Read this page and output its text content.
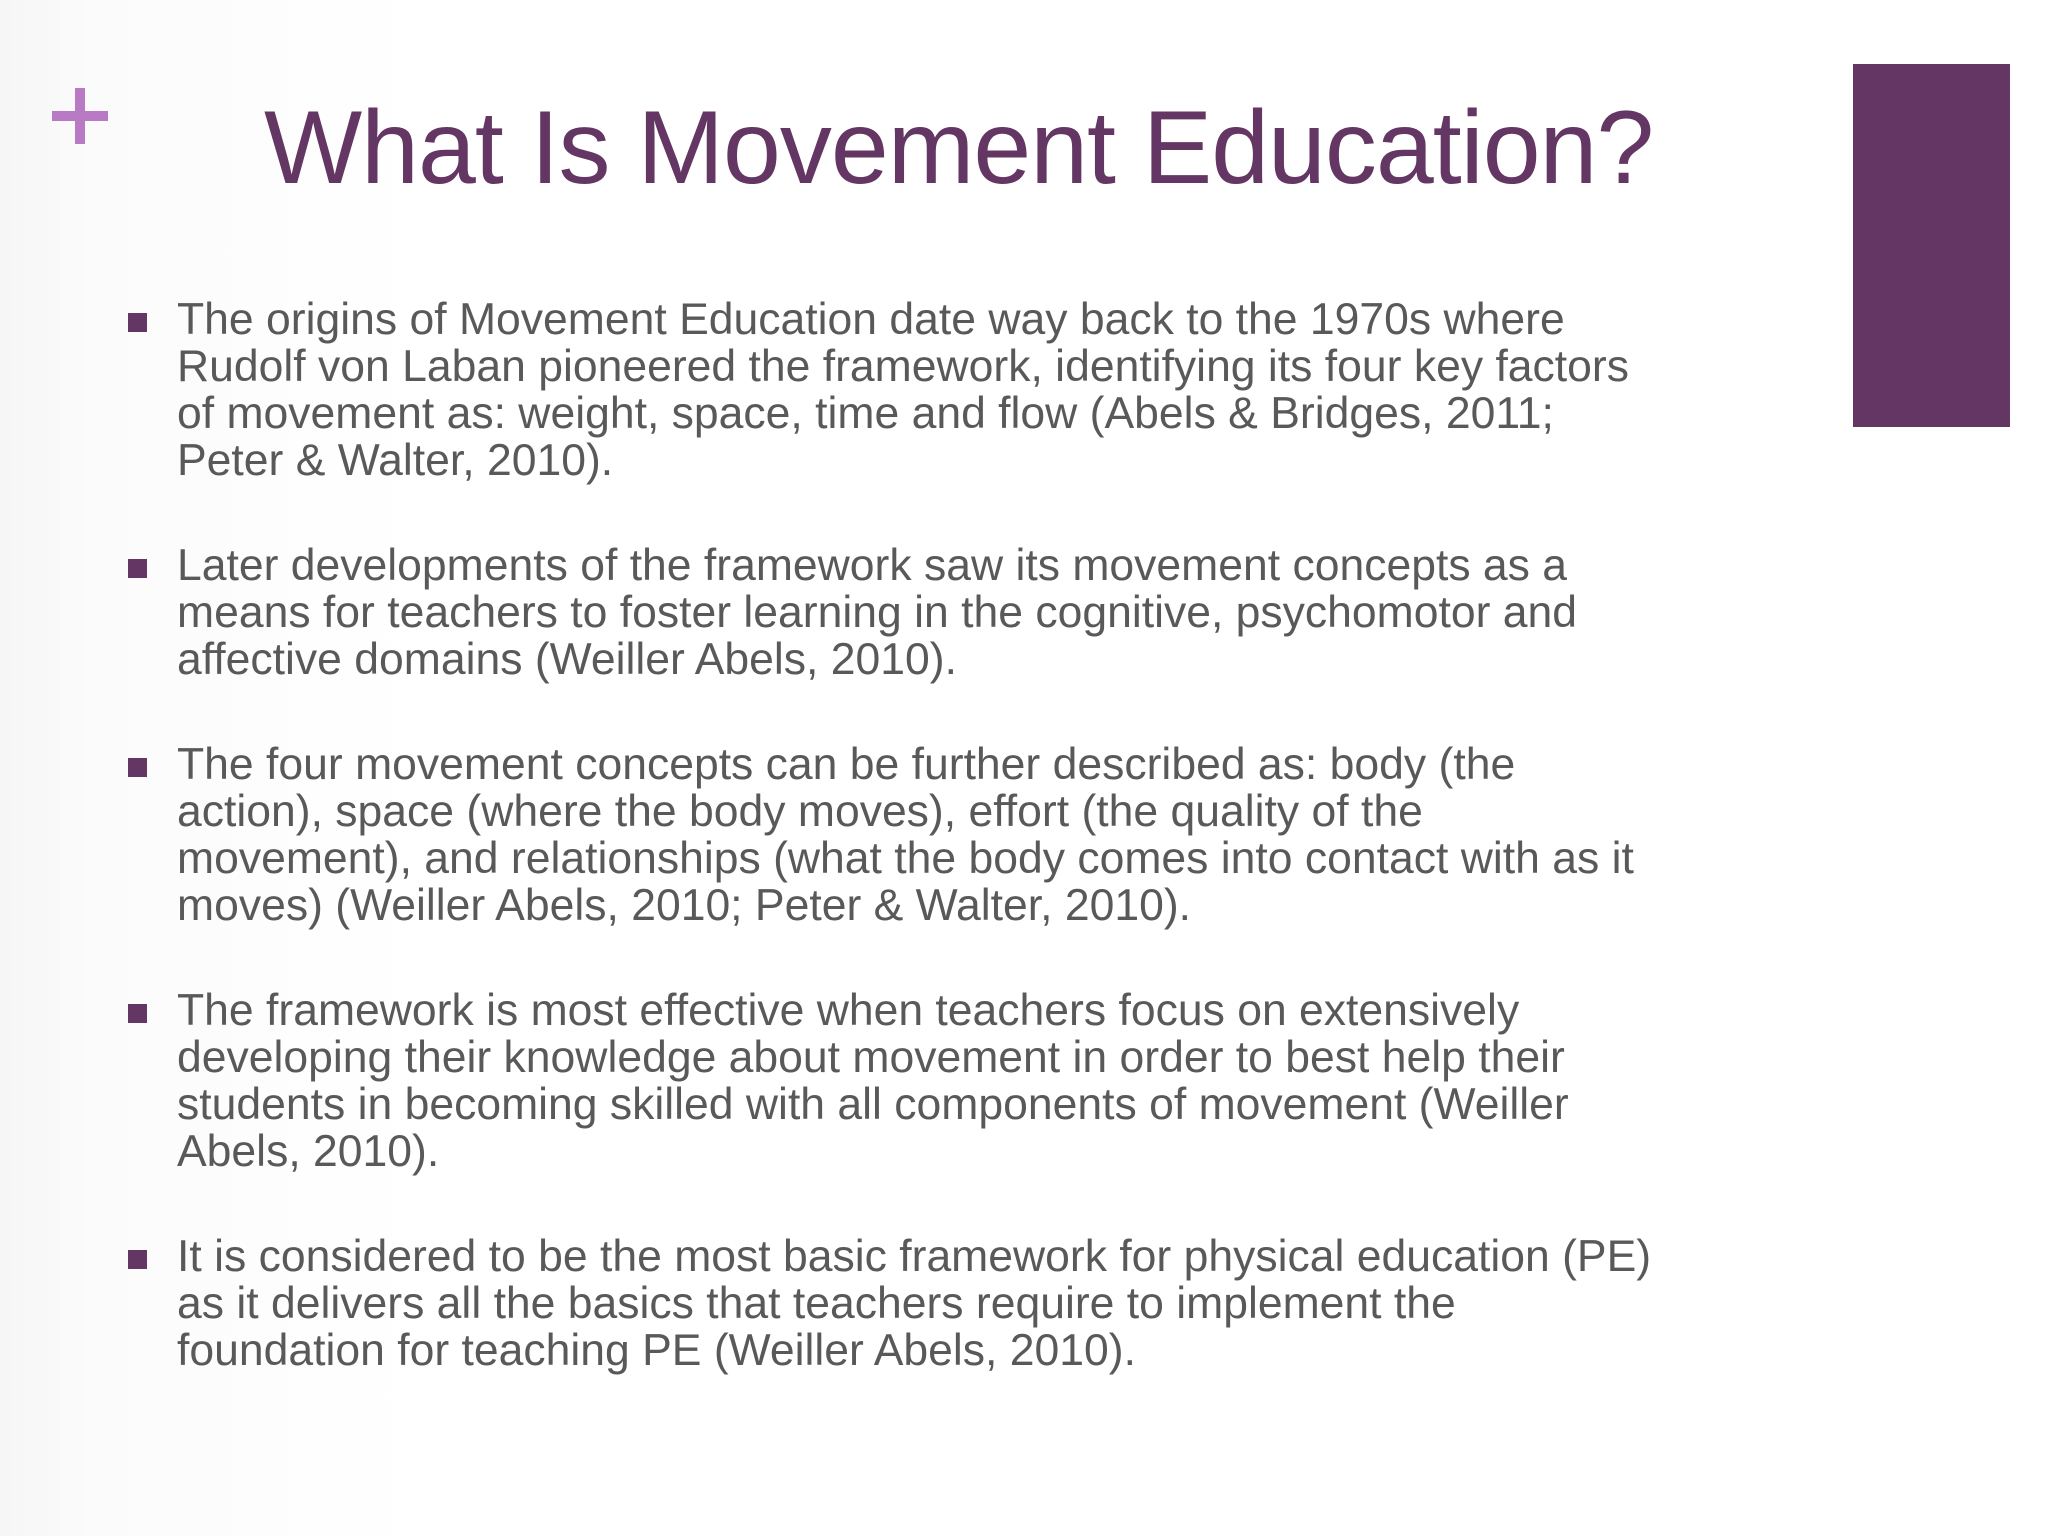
What Is Movement Education?
The origins of Movement Education date way back to the 1970s where
Rudolf von Laban pioneered the framework, identifying its four key factors
of movement as: weight, space, time and flow (Abels & Bridges, 2011;
Peter & Walter, 2010).
Later developments of the framework saw its movement concepts as a
means for teachers to foster learning in the cognitive, psychomotor and
affective domains (Weiller Abels, 2010).
The four movement concepts can be further described as: body (the
action), space (where the body moves), effort (the quality of the
movement), and relationships (what the body comes into contact with as it
moves) (Weiller Abels, 2010; Peter & Walter, 2010).
The framework is most effective when teachers focus on extensively
developing their knowledge about movement in order to best help their
students in becoming skilled with all components of movement (Weiller
Abels, 2010).
It is considered to be the most basic framework for physical education (PE)
as it delivers all the basics that teachers require to implement the
foundation for teaching PE (Weiller Abels, 2010).
